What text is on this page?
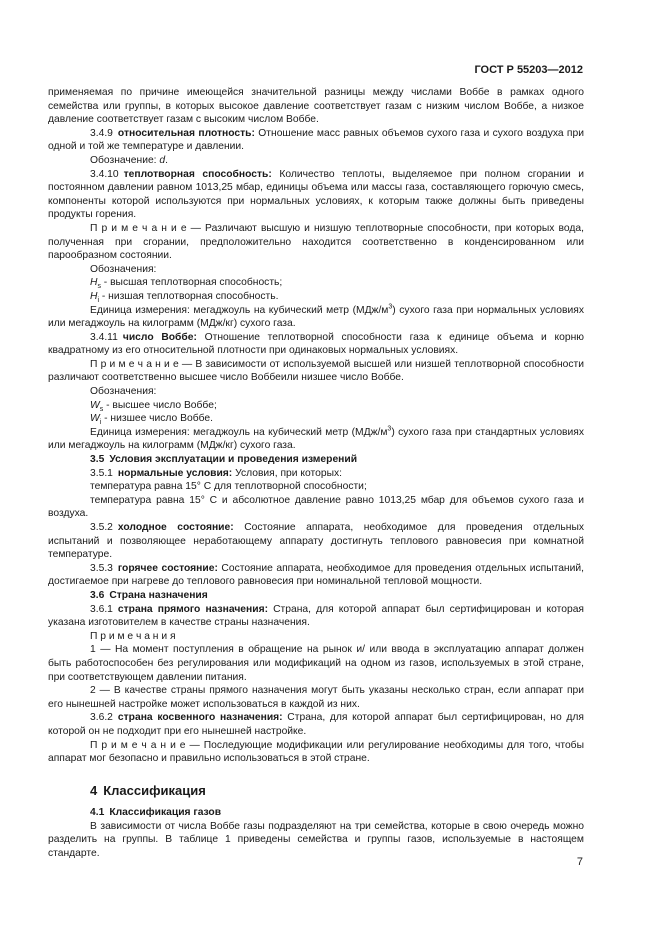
ГОСТ Р 55203—2012

применяемая по причине имеющейся значительной разницы между числами Воббе в рамках одного семейства или группы, в которых высокое давление соответствует газам с низким числом Воббе, а низкое давление соответствует газам с высоким числом Воббе.

3.4.9 относительная плотность: Отношение масс равных объемов сухого газа и сухого воздуха при одной и той же температуре и давлении.

Обозначение: d.

3.4.10 теплотворная способность: Количество теплоты, выделяемое при полном сгорании и постоянном давлении равном 1013,25 мбар, единицы объема или массы газа, составляющего горючую смесь, компоненты которой используются при нормальных условиях, к которым также должны быть приведены продукты горения.

П р и м е ч а н и е — Различают высшую и низшую теплотворные способности, при которых вода, полученная при сгорании, предположительно находится соответственно в конденсированном или парообразном состоянии.

Обозначения:

$H_s$ - высшая теплотворная способность;

$H_i$ - низшая теплотворная способность.

Единица измерения: мегаджоуль на кубический метр $(МДж/м^3)$ сухого газа при нормальных условиях или мегаджоуль на килограмм (МДж/кг) сухого газа.

3.4.11 число Воббе: Отношение теплотворной способности газа к единице объема и корню квадратному из его относительной плотности при одинаковых нормальных условиях.

П р и м е ч а н и е — В зависимости от используемой высшей или низшей теплотворной способности различают соответственно высшее число Воббеили низшее число Воббе.

Обозначения:

$W_s$ - высшее число Воббе;

$W_i$ - низшее число Воббе.

Единица измерения: мегаджоуль на кубический метр $(МДж/м^3)$ сухого газа при стандартных условиях или мегаджоуль на килограмм (МДж/кг) сухого газа.

3.5 Условия эксплуатации и проведения измерений

3.5.1 нормальные условия: Условия, при которых:

температура равна 15° С для теплотворной способности;

температура равна 15° С и абсолютное давление равно 1013,25 мбар для объемов сухого газа и воздуха.

3.5.2 холодное состояние: Состояние аппарата, необходимое для проведения отдельных испытаний и позволяющее неработающему аппарату достигнуть теплового равновесия при комнатной температуре.

3.5.3 горячее состояние: Состояние аппарата, необходимое для проведения отдельных испытаний, достигаемое при нагреве до теплового равновесия при номинальной тепловой мощности.

3.6 Страна назначения

3.6.1 страна прямого назначения: Страна, для которой аппарат был сертифицирован и которая указана изготовителем в качестве страны назначения.

П р и м е ч а н и я

1 — На момент поступления в обращение на рынок и/ или ввода в эксплуатацию аппарат должен быть работоспособен без регулирования или модификаций на одном из газов, используемых в этой стране, при соответствующем давлении питания.

2 — В качестве страны прямого назначения могут быть указаны несколько стран, если аппарат при его нынешней настройке может использоваться в каждой из них.

3.6.2 страна косвенного назначения: Страна, для которой аппарат был сертифицирован, но для которой он не подходит при его нынешней настройке.

П р и м е ч а н и е — Последующие модификации или регулирование необходимы для того, чтобы аппарат мог безопасно и правильно использоваться в этой стране.

4 Классификация

4.1 Классификация газов

В зависимости от числа Воббе газы подразделяют на три семейства, которые в свою очередь можно разделить на группы. В таблице 1 приведены семейства и группы газов, используемые в настоящем стандарте.

7
